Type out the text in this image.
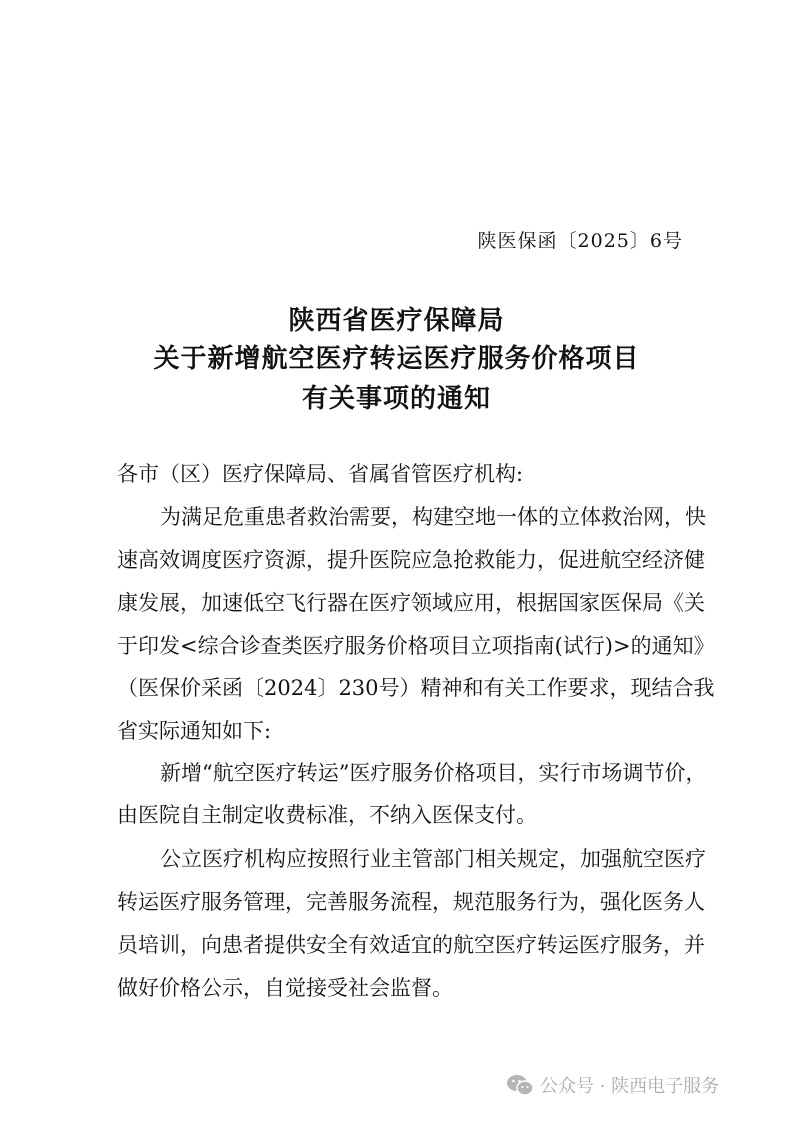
陕医保函〔2025〕6号
陕西省医疗保障局
关于新增航空医疗转运医疗服务价格项目
有关事项的通知
各市（区）医疗保障局、省属省管医疗机构:
为满足危重患者救治需要，构建空地一体的立体救治网，快
速高效调度医疗资源，提升医院应急抢救能力，促进航空经济健
康发展，加速低空飞行器在医疗领域应用，根据国家医保局《关
于印发<综合诊查类医疗服务价格项目立项指南(试行)>的通知》
（医保价采函〔2024〕230号）精神和有关工作要求，现结合我
省实际通知如下:
新增“航空医疗转运”医疗服务价格项目，实行市场调节价，
由医院自主制定收费标准，不纳入医保支付。
公立医疗机构应按照行业主管部门相关规定，加强航空医疗
转运医疗服务管理，完善服务流程，规范服务行为，强化医务人
员培训，向患者提供安全有效适宜的航空医疗转运医疗服务，并
做好价格公示，自觉接受社会监督。
公众号 · 陕西电子服务
